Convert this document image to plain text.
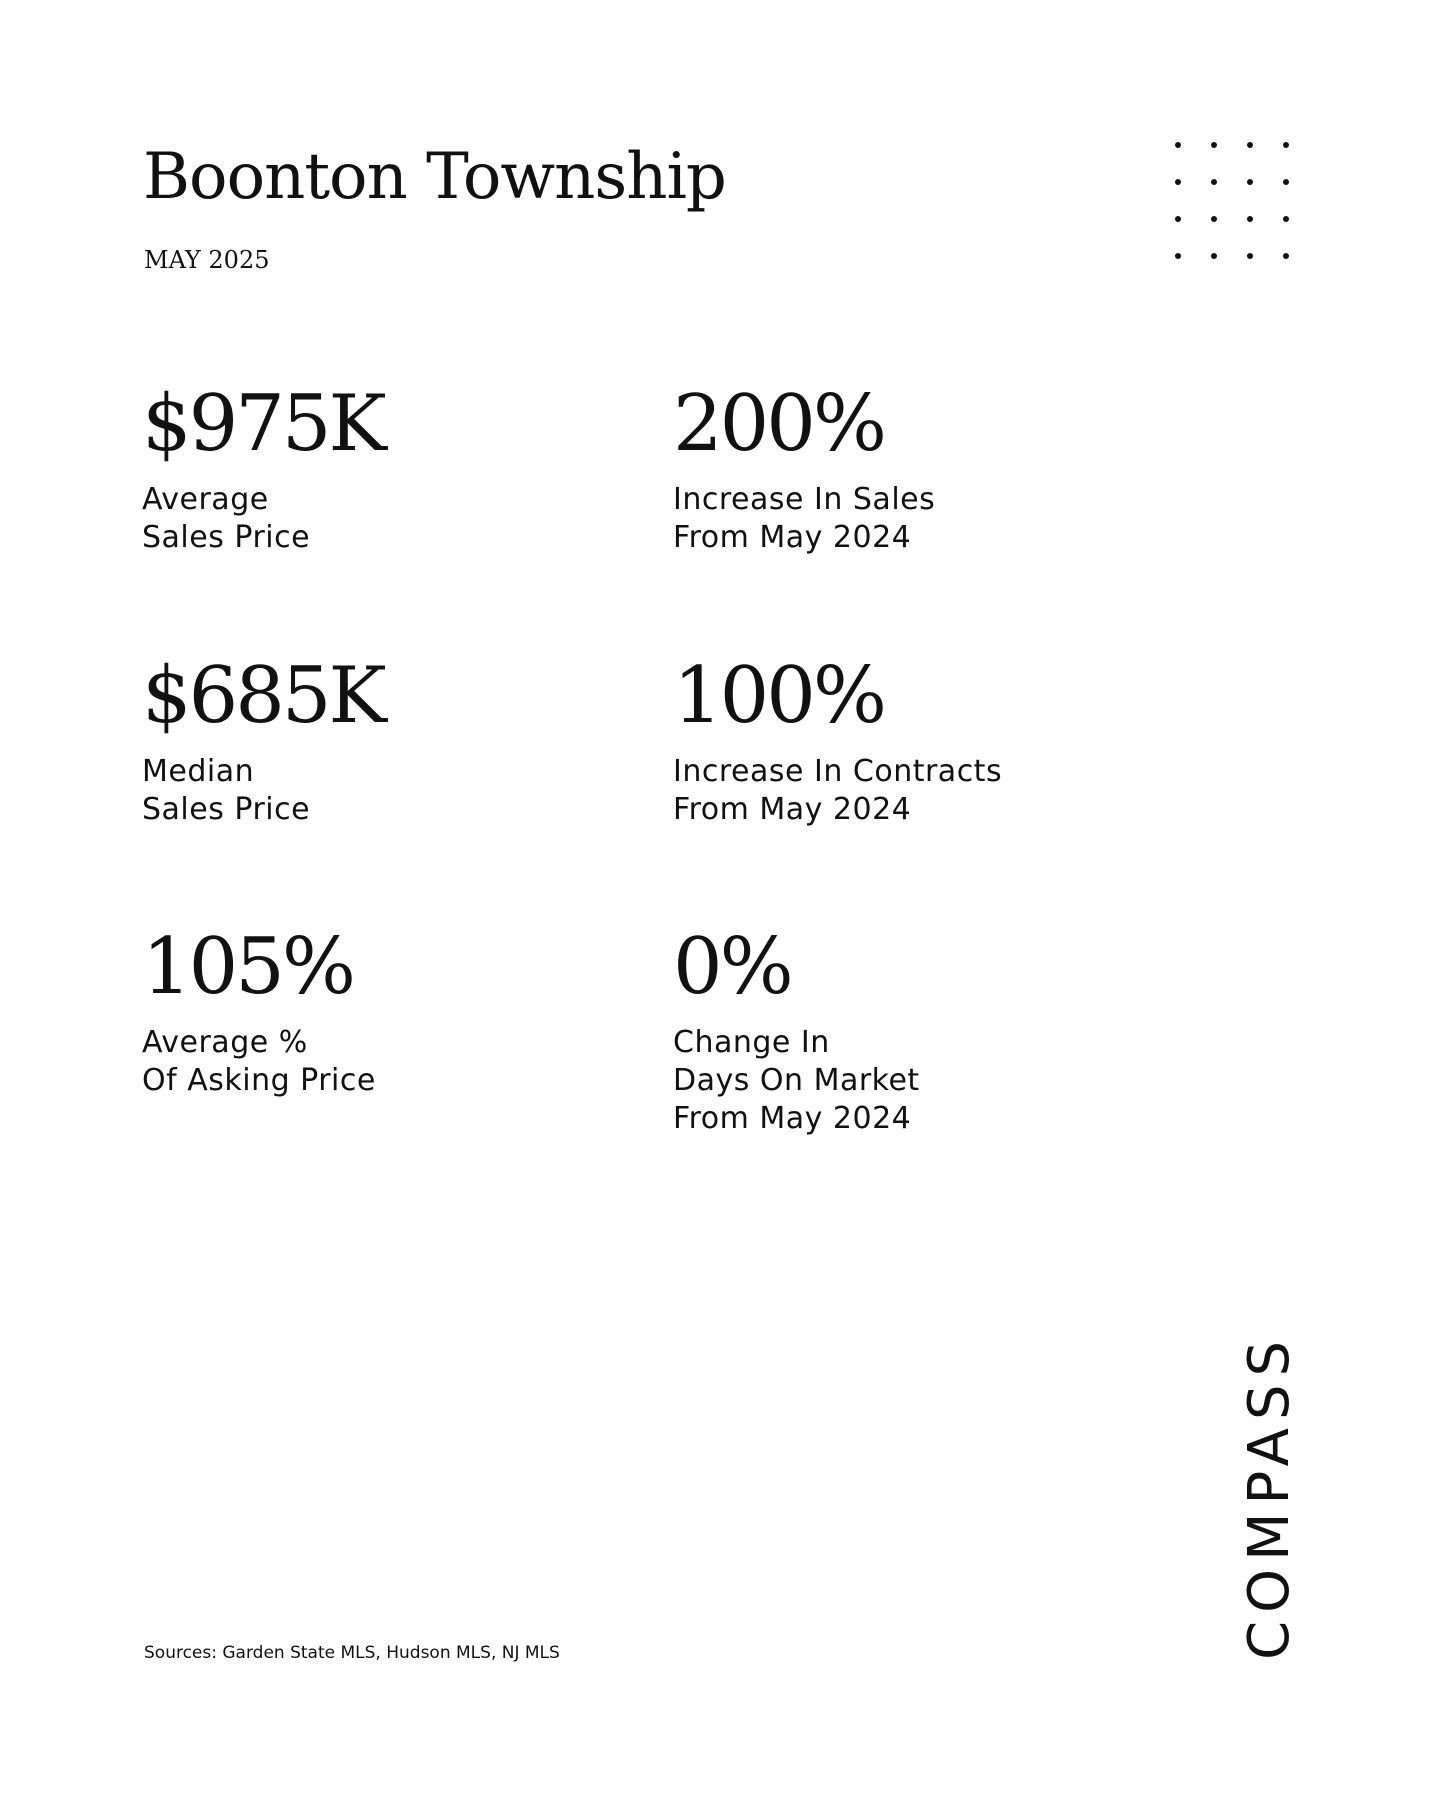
Boonton Township
MAY 2025
$975K
Average
Sales Price
200%
Increase In Sales
From May 2024
$685K
Median
Sales Price
100%
Increase In Contracts
From May 2024
105%
Average %
Of Asking Price
0%
Change In
Days On Market
From May 2024
Sources: Garden State MLS, Hudson MLS, NJ MLS	COMPASS
